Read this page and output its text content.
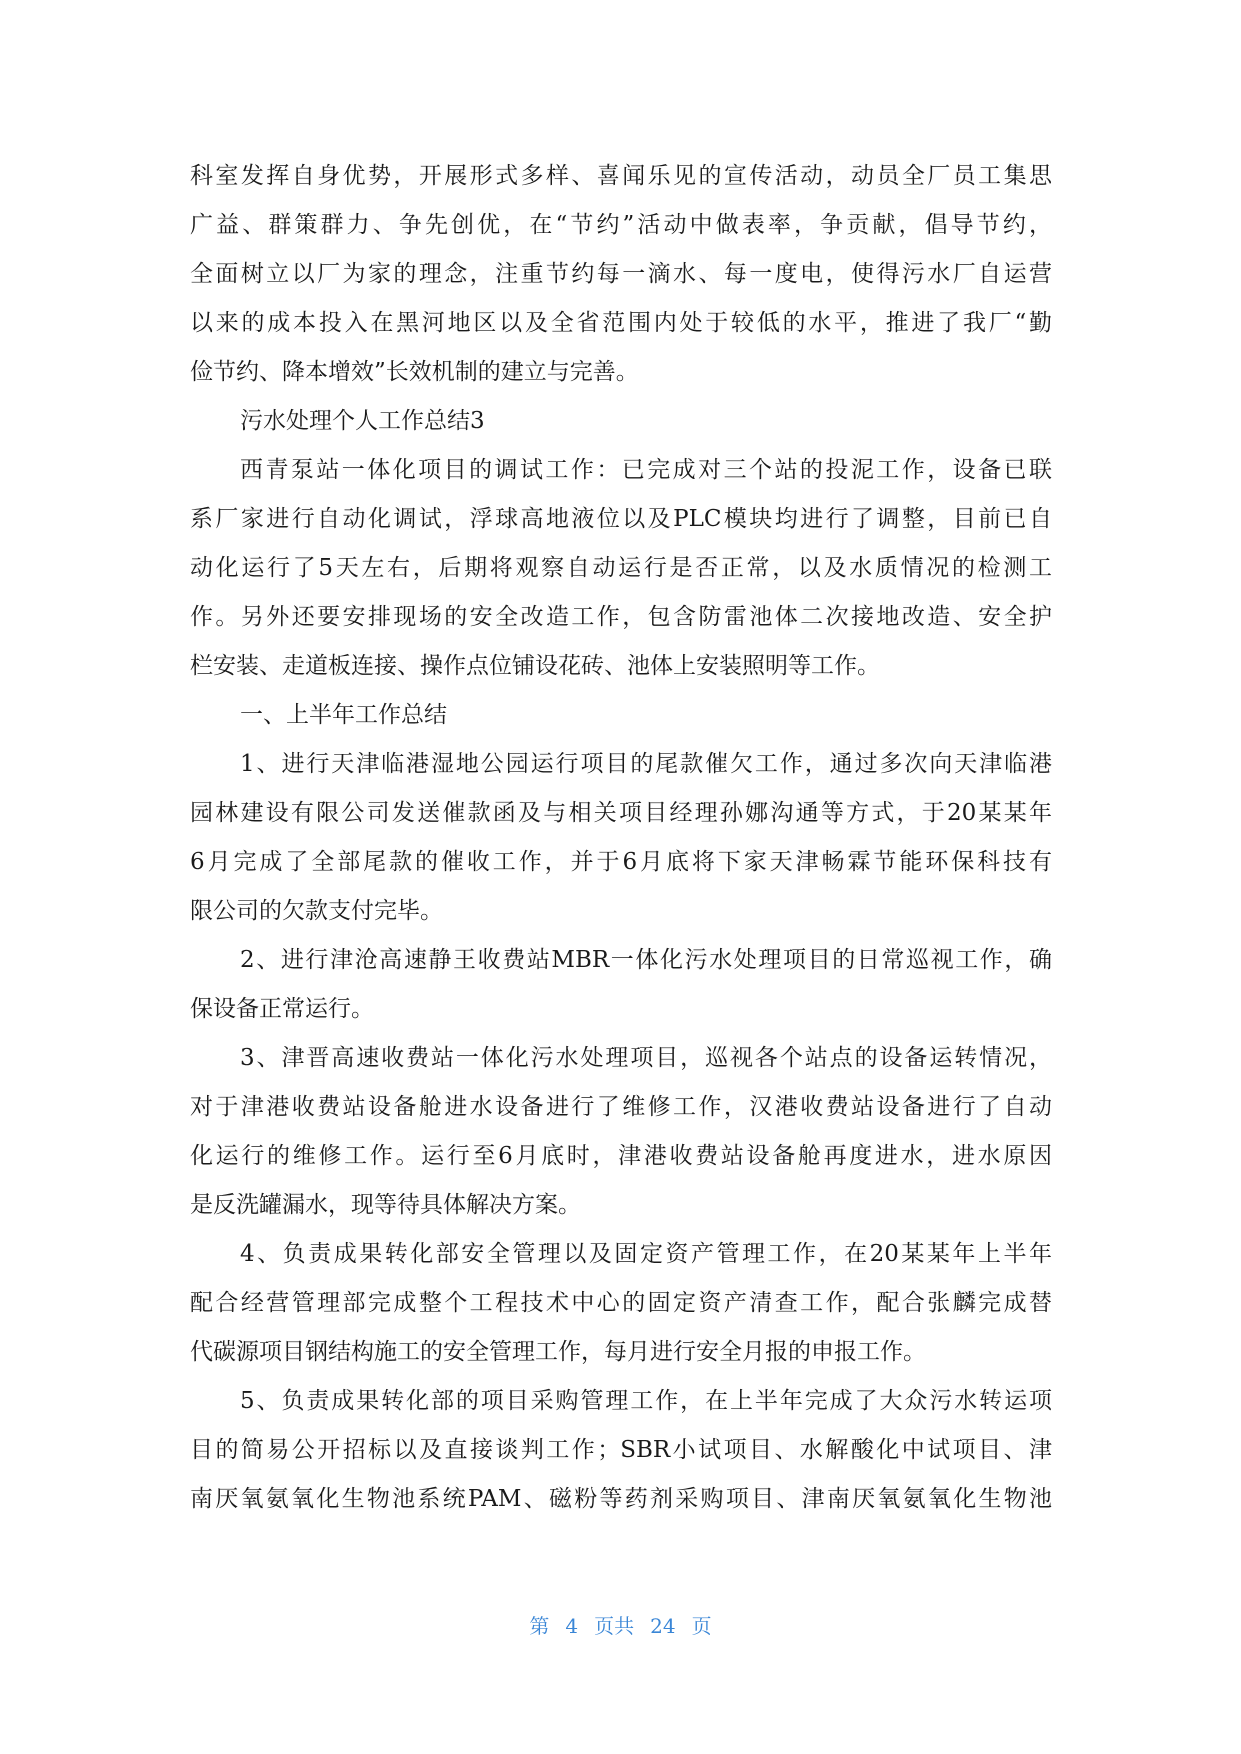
科室发挥自身优势，开展形式多样、喜闻乐见的宣传活动，动员全厂员工集思
广益、群策群力、争先创优，在“节约”活动中做表率，争贡献，倡导节约，
全面树立以厂为家的理念，注重节约每一滴水、每一度电，使得污水厂自运营
以来的成本投入在黑河地区以及全省范围内处于较低的水平，推进了我厂“勤
俭节约、降本增效”长效机制的建立与完善。
污水处理个人工作总结3
西青泵站一体化项目的调试工作：已完成对三个站的投泥工作，设备已联
系厂家进行自动化调试，浮球高地液位以及PLC模块均进行了调整，目前已自
动化运行了5天左右，后期将观察自动运行是否正常，以及水质情况的检测工
作。另外还要安排现场的安全改造工作，包含防雷池体二次接地改造、安全护
栏安装、走道板连接、操作点位铺设花砖、池体上安装照明等工作。
一、上半年工作总结
1、进行天津临港湿地公园运行项目的尾款催欠工作，通过多次向天津临港
园林建设有限公司发送催款函及与相关项目经理孙娜沟通等方式，于20某某年
6月完成了全部尾款的催收工作，并于6月底将下家天津畅霖节能环保科技有
限公司的欠款支付完毕。
2、进行津沧高速静王收费站MBR一体化污水处理项目的日常巡视工作，确
保设备正常运行。
3、津晋高速收费站一体化污水处理项目，巡视各个站点的设备运转情况，
对于津港收费站设备舱进水设备进行了维修工作，汉港收费站设备进行了自动
化运行的维修工作。运行至6月底时，津港收费站设备舱再度进水，进水原因
是反洗罐漏水，现等待具体解决方案。
4、负责成果转化部安全管理以及固定资产管理工作，在20某某年上半年
配合经营管理部完成整个工程技术中心的固定资产清查工作，配合张麟完成替
代碳源项目钢结构施工的安全管理工作，每月进行安全月报的申报工作。
5、负责成果转化部的项目采购管理工作，在上半年完成了大众污水转运项
目的简易公开招标以及直接谈判工作；SBR小试项目、水解酸化中试项目、津
南厌氧氨氧化生物池系统PAM、磁粉等药剂采购项目、津南厌氧氨氧化生物池
第 4 页共 24 页
